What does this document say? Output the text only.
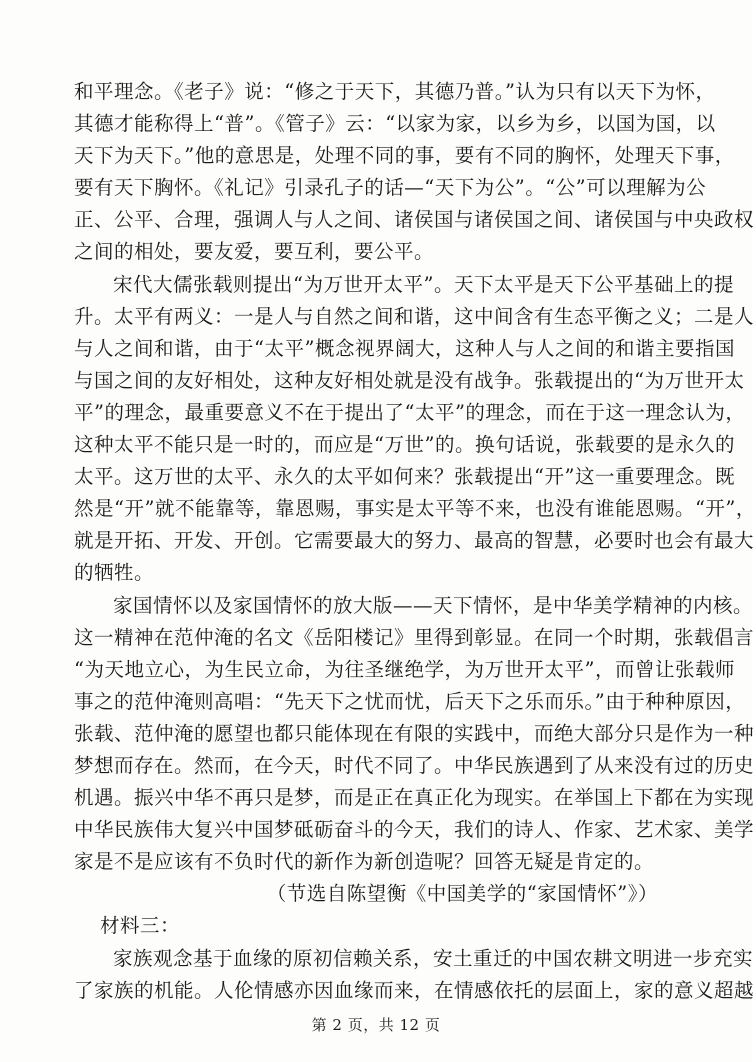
和平理念。《老子》说：“修之于天下，其德乃普。”认为只有以天下为怀，
其德才能称得上“普”。《管子》云：“以家为家，以乡为乡，以国为国，以
天下为天下。”他的意思是，处理不同的事，要有不同的胸怀，处理天下事，
要有天下胸怀。《礼记》引录孔子的话—“天下为公”。“公”可以理解为公
正、公平、合理，强调人与人之间、诸侯国与诸侯国之间、诸侯国与中央政权
之间的相处，要友爱，要互利，要公平。
宋代大儒张载则提出“为万世开太平”。天下太平是天下公平基础上的提
升。太平有两义：一是人与自然之间和谐，这中间含有生态平衡之义；二是人
与人之间和谐，由于“太平”概念视界阔大，这种人与人之间的和谐主要指国
与国之间的友好相处，这种友好相处就是没有战争。张载提出的“为万世开太
平”的理念，最重要意义不在于提出了“太平”的理念，而在于这一理念认为，
这种太平不能只是一时的，而应是“万世”的。换句话说，张载要的是永久的
太平。这万世的太平、永久的太平如何来？张载提出“开”这一重要理念。既
然是“开”就不能靠等，靠恩赐，事实是太平等不来，也没有谁能恩赐。“开”，
就是开拓、开发、开创。它需要最大的努力、最高的智慧，必要时也会有最大
的牺牲。
家国情怀以及家国情怀的放大版——天下情怀，是中华美学精神的内核。
这一精神在范仲淹的名文《岳阳楼记》里得到彰显。在同一个时期，张载倡言
“为天地立心，为生民立命，为往圣继绝学，为万世开太平”，而曾让张载师
事之的范仲淹则高唱：“先天下之忧而忧，后天下之乐而乐。”由于种种原因，
张载、范仲淹的愿望也都只能体现在有限的实践中，而绝大部分只是作为一种
梦想而存在。然而，在今天，时代不同了。中华民族遇到了从来没有过的历史
机遇。振兴中华不再只是梦，而是正在真正化为现实。在举国上下都在为实现
中华民族伟大复兴中国梦砥砺奋斗的今天，我们的诗人、作家、艺术家、美学
家是不是应该有不负时代的新作为新创造呢？回答无疑是肯定的。
（节选自陈望衡《中国美学的“家国情怀”》）
材料三：
家族观念基于血缘的原初信赖关系，安土重迁的中国农耕文明进一步充实
了家族的机能。人伦情感亦因血缘而来，在情感依托的层面上，家的意义超越
第 2 页，共 12 页
